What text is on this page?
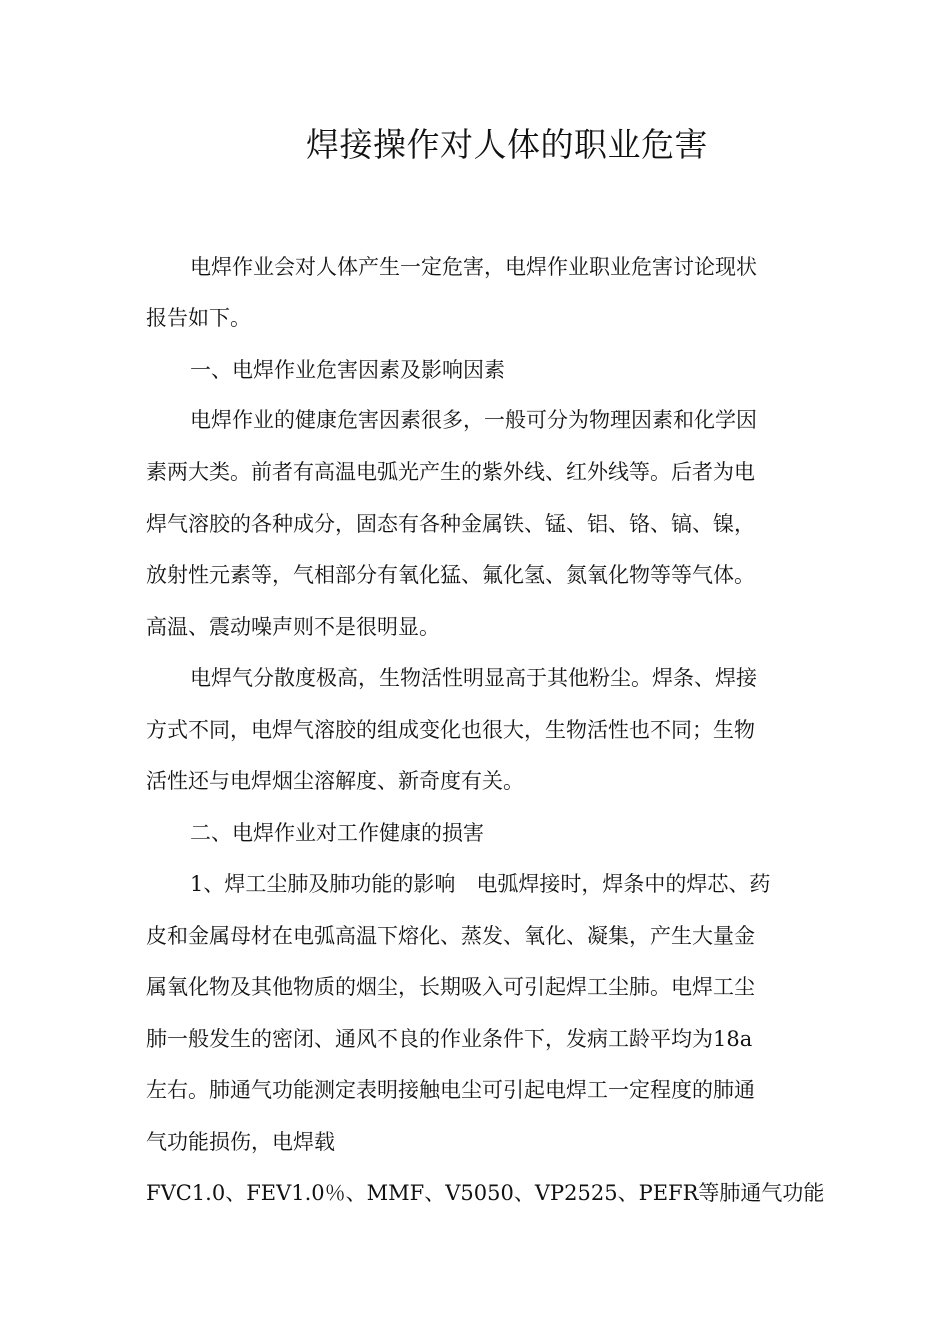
焊接操作对人体的职业危害
电焊作业会对人体产生一定危害，电焊作业职业危害讨论现状
报告如下。
一、电焊作业危害因素及影响因素
电焊作业的健康危害因素很多，一般可分为物理因素和化学因
素两大类。前者有高温电弧光产生的紫外线、红外线等。后者为电
焊气溶胶的各种成分，固态有各种金属铁、锰、铝、铬、镐、镍，
放射性元素等，气相部分有氧化猛、氟化氢、氮氧化物等等气体。
高温、震动噪声则不是很明显。
电焊气分散度极高，生物活性明显高于其他粉尘。焊条、焊接
方式不同，电焊气溶胶的组成变化也很大，生物活性也不同；生物
活性还与电焊烟尘溶解度、新奇度有关。
二、电焊作业对工作健康的损害
1、焊工尘肺及肺功能的影响　电弧焊接时，焊条中的焊芯、药
皮和金属母材在电弧高温下熔化、蒸发、氧化、凝集，产生大量金
属氧化物及其他物质的烟尘，长期吸入可引起焊工尘肺。电焊工尘
肺一般发生的密闭、通风不良的作业条件下，发病工龄平均为18a
左右。肺通气功能测定表明接触电尘可引起电焊工一定程度的肺通
气功能损伤，电焊载
FVC1.0、FEV1.0％、MMF、V5050、VP2525、PEFR等肺通气功能
